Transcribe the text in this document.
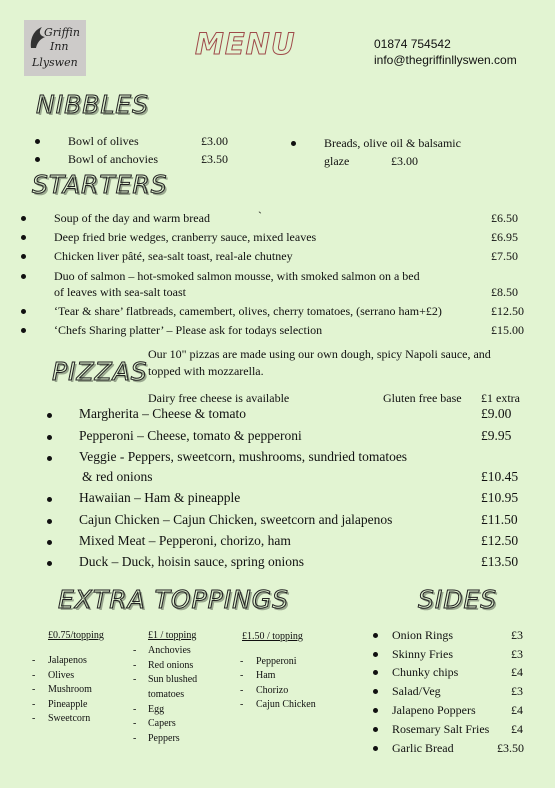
Griffin
Inn
Llyswen
MENU	01874 754542
info@thegriffinllyswen.com
NIBBLES
Bowl of olives	£3.00
Bowl of anchovies	£3.50
Breads, olive oil & balsamic
glaze	£3.00
STARTERS
Soup of the day and warm bread	`	£6.50
Deep fried brie wedges, cranberry sauce, mixed leaves	£6.95
Chicken liver pâté, sea-salt toast, real-ale chutney	£7.50
Duo of salmon – hot-smoked salmon mousse, with smoked salmon on a bed
of leaves with sea-salt toast	£8.50
‘Tear & share’ flatbreads, camembert, olives, cherry tomatoes, (serrano ham+£2)	£12.50
‘Chefs Sharing platter’ – Please ask for todays selection	£15.00
PIZZAS
Our 10" pizzas are made using our own dough, spicy Napoli sauce, and
topped with mozzarella.
Dairy free cheese is available	Gluten free base £1 extra
Margherita – Cheese & tomato	£9.00
Pepperoni – Cheese, tomato & pepperoni	£9.95
Veggie - Peppers, sweetcorn, mushrooms, sundried tomatoes
& red onions	£10.45
Hawaiian – Ham & pineapple	£10.95
Cajun Chicken – Cajun Chicken, sweetcorn and jalapenos	£11.50
Mixed Meat – Pepperoni, chorizo, ham	£12.50
Duck – Duck, hoisin sauce, spring onions	£13.50
EXTRA TOPPINGS
£0.75/topping
- Jalapenos
- Olives
- Mushroom
- Pineapple
- Sweetcorn
£1 / topping
- Anchovies
- Red onions
- Sun blushed
tomatoes
- Egg
- Capers
- Peppers
£1.50 / topping
- Pepperoni
- Ham
- Chorizo
- Cajun Chicken
SIDES
Onion Rings	£3
Skinny Fries	£3
Chunky chips	£4
Salad/Veg	£3
Jalapeno Poppers	£4
Rosemary Salt Fries £4
Garlic Bread	£3.50
